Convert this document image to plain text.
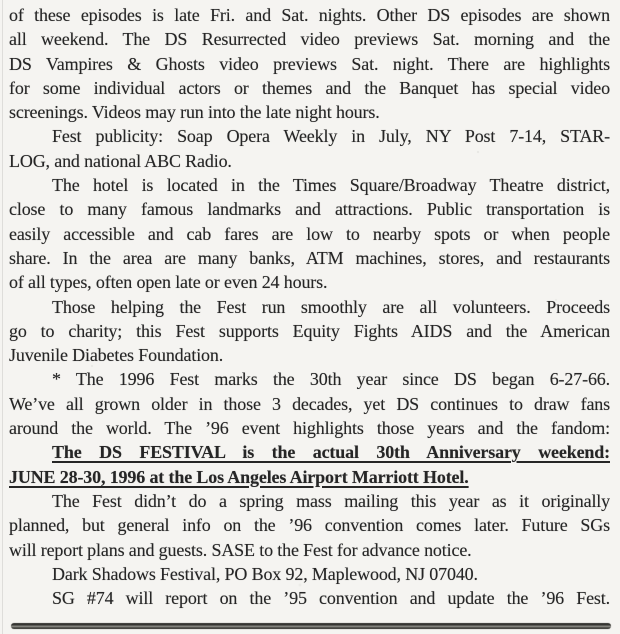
of these episodes is late Fri. and Sat. nights. Other DS episodes are shown
all weekend. The DS Resurrected video previews Sat. morning and the
DS Vampires & Ghosts video previews Sat. night. There are highlights
for some individual actors or themes and the Banquet has special video
screenings. Videos may run into the late night hours.
Fest publicity: Soap Opera Weekly in July, NY Post 7-14, STAR-
LOG, and national ABC Radio.
The hotel is located in the Times Square/Broadway Theatre district,
close to many famous landmarks and attractions. Public transportation is
easily accessible and cab fares are low to nearby spots or when people
share. In the area are many banks, ATM machines, stores, and restaurants
of all types, often open late or even 24 hours.
Those helping the Fest run smoothly are all volunteers. Proceeds
go to charity; this Fest supports Equity Fights AIDS and the American
Juvenile Diabetes Foundation.
* The 1996 Fest marks the 30th year since DS began 6-27-66.
We’ve all grown older in those 3 decades, yet DS continues to draw fans
around the world. The ’96 event highlights those years and the fandom:
The DS FESTIVAL is the actual 30th Anniversary weekend:
JUNE 28-30, 1996 at the Los Angeles Airport Marriott Hotel.
The Fest didn’t do a spring mass mailing this year as it originally
planned, but general info on the ’96 convention comes later. Future SGs
will report plans and guests. SASE to the Fest for advance notice.
Dark Shadows Festival, PO Box 92, Maplewood, NJ 07040.
SG #74 will report on the ’95 convention and update the ’96 Fest.
